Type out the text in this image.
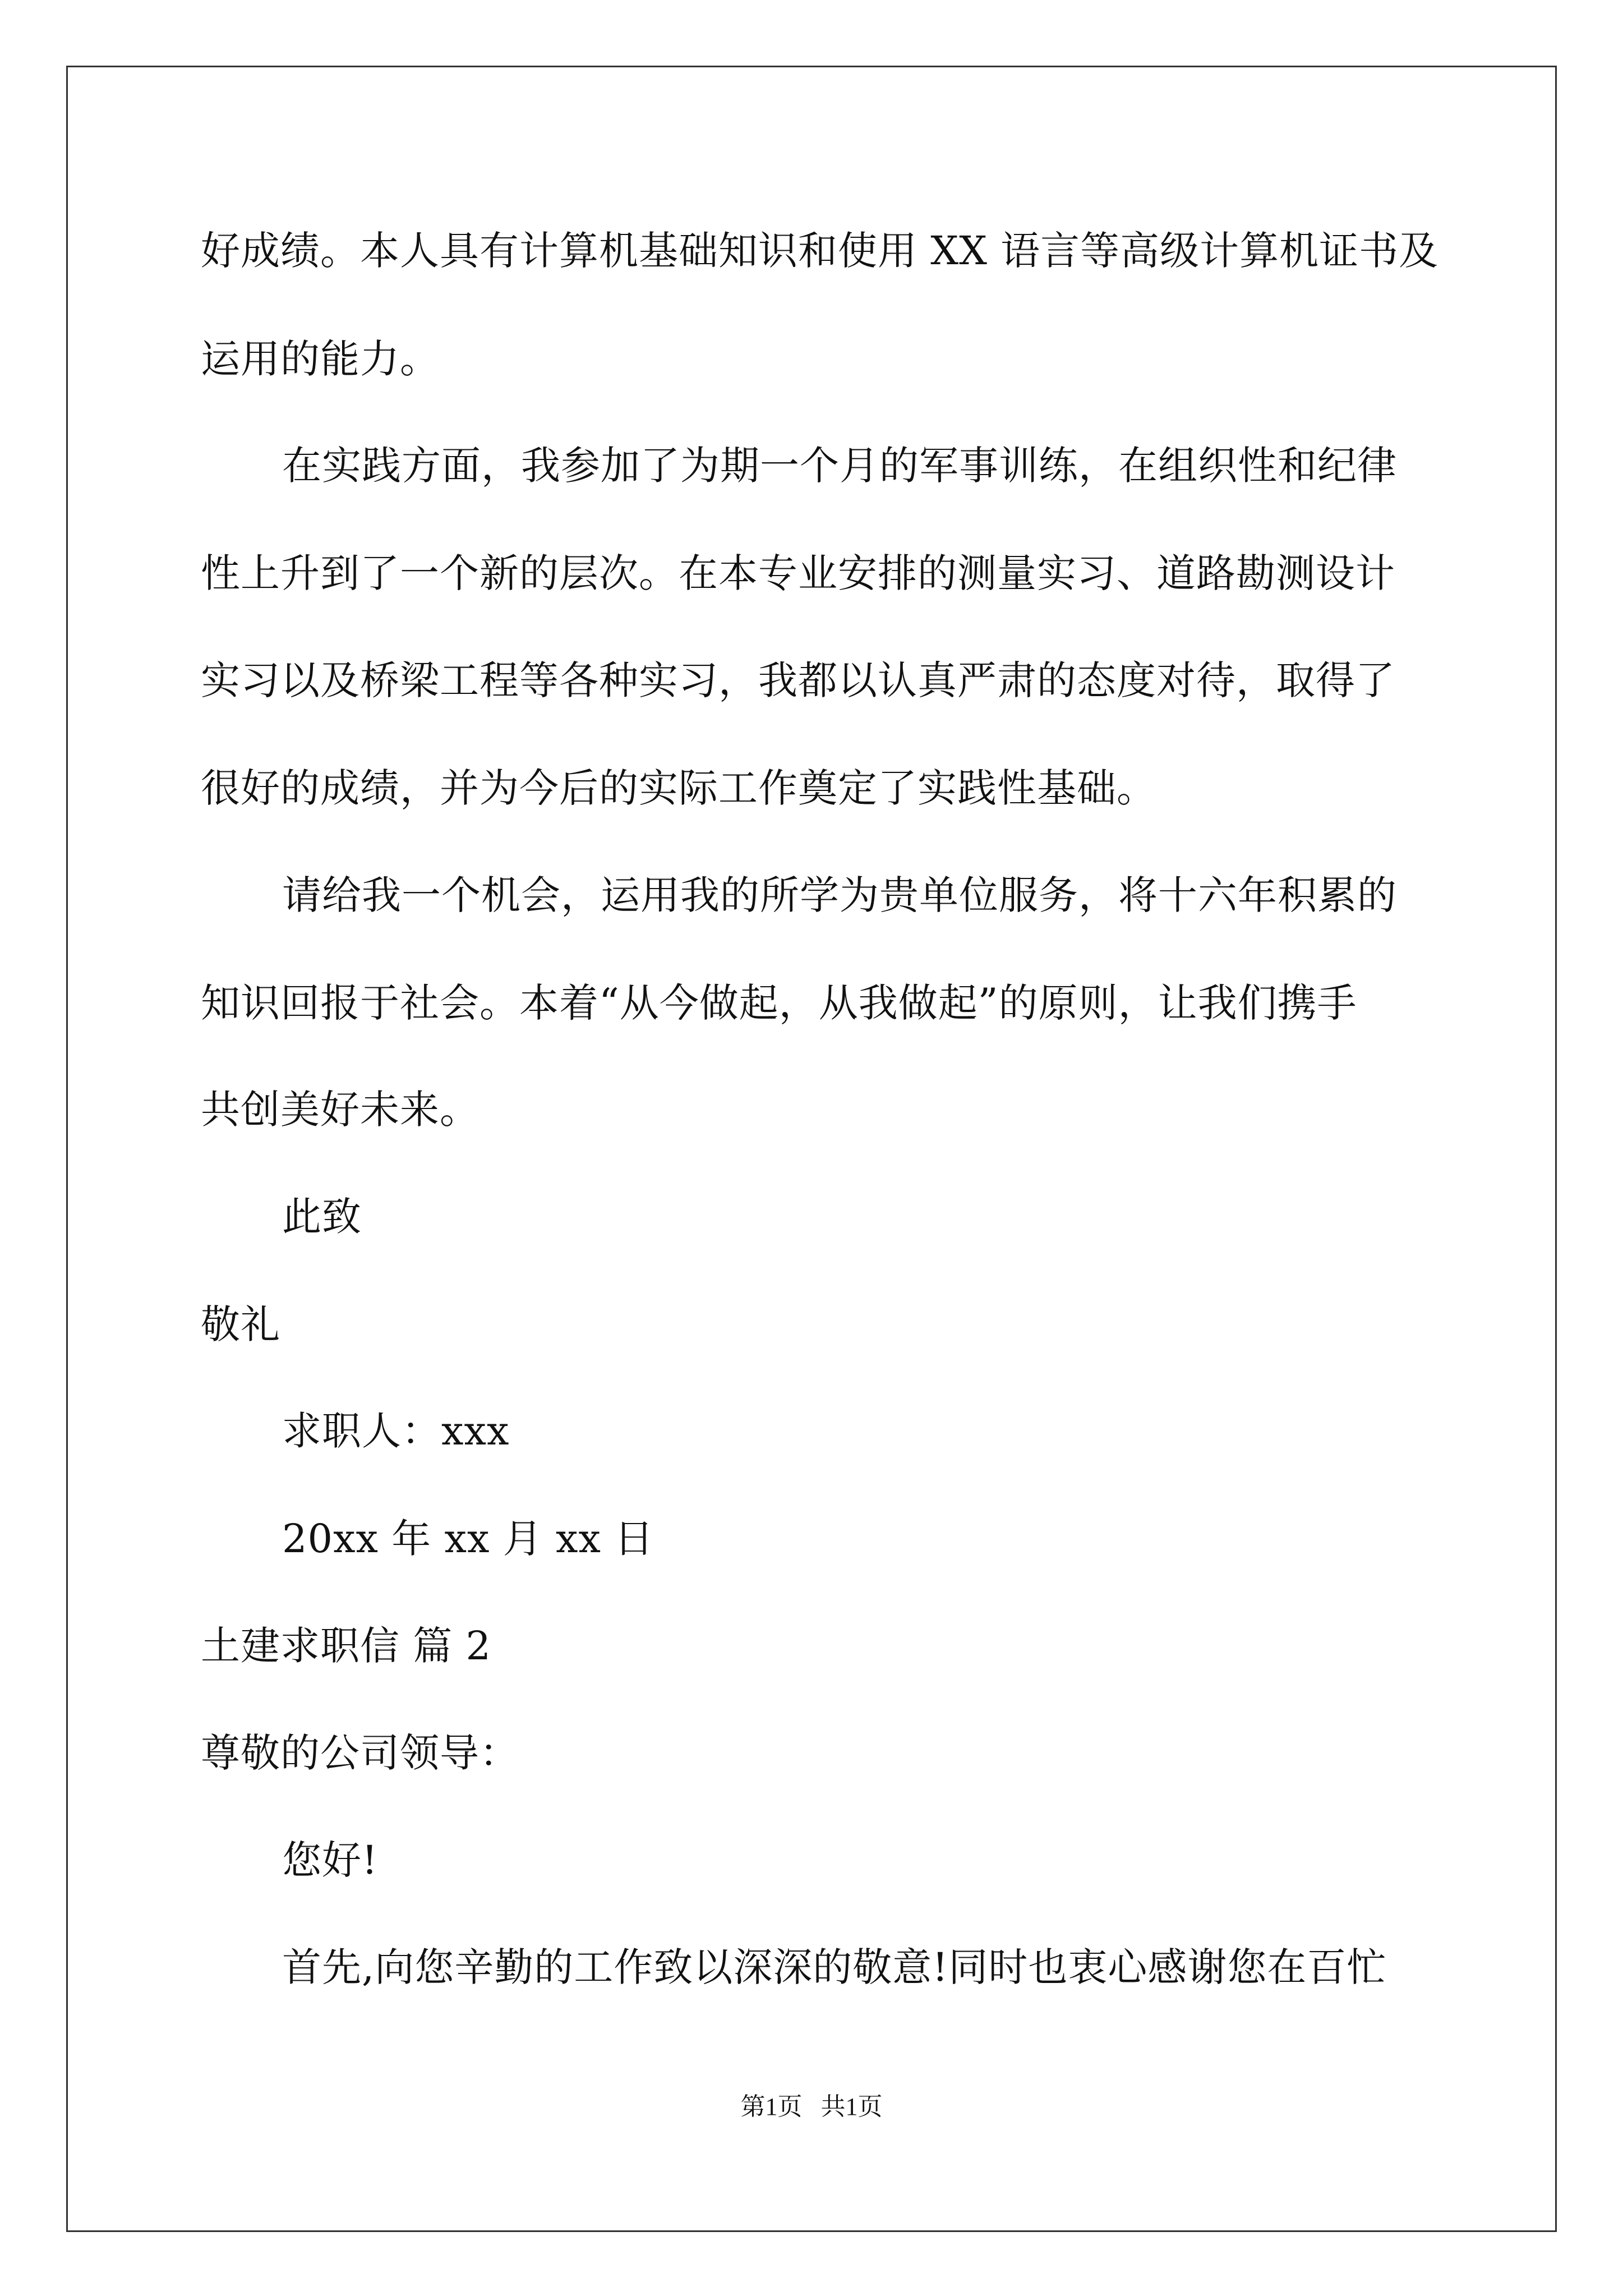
好成绩。本人具有计算机基础知识和使用 XX 语言等高级计算机证书及
运用的能力。
在实践方面，我参加了为期一个月的军事训练，在组织性和纪律
性上升到了一个新的层次。在本专业安排的测量实习、道路勘测设计
实习以及桥梁工程等各种实习，我都以认真严肃的态度对待，取得了
很好的成绩，并为今后的实际工作奠定了实践性基础。
请给我一个机会，运用我的所学为贵单位服务，将十六年积累的
知识回报于社会。本着“从今做起，从我做起”的原则，让我们携手
共创美好未来。
此致
敬礼
求职人：xxx
20xx 年 xx 月 xx 日
土建求职信 篇 2
尊敬的公司领导：
您好!
首先,向您辛勤的工作致以深深的敬意!同时也衷心感谢您在百忙
第1页   共1页
